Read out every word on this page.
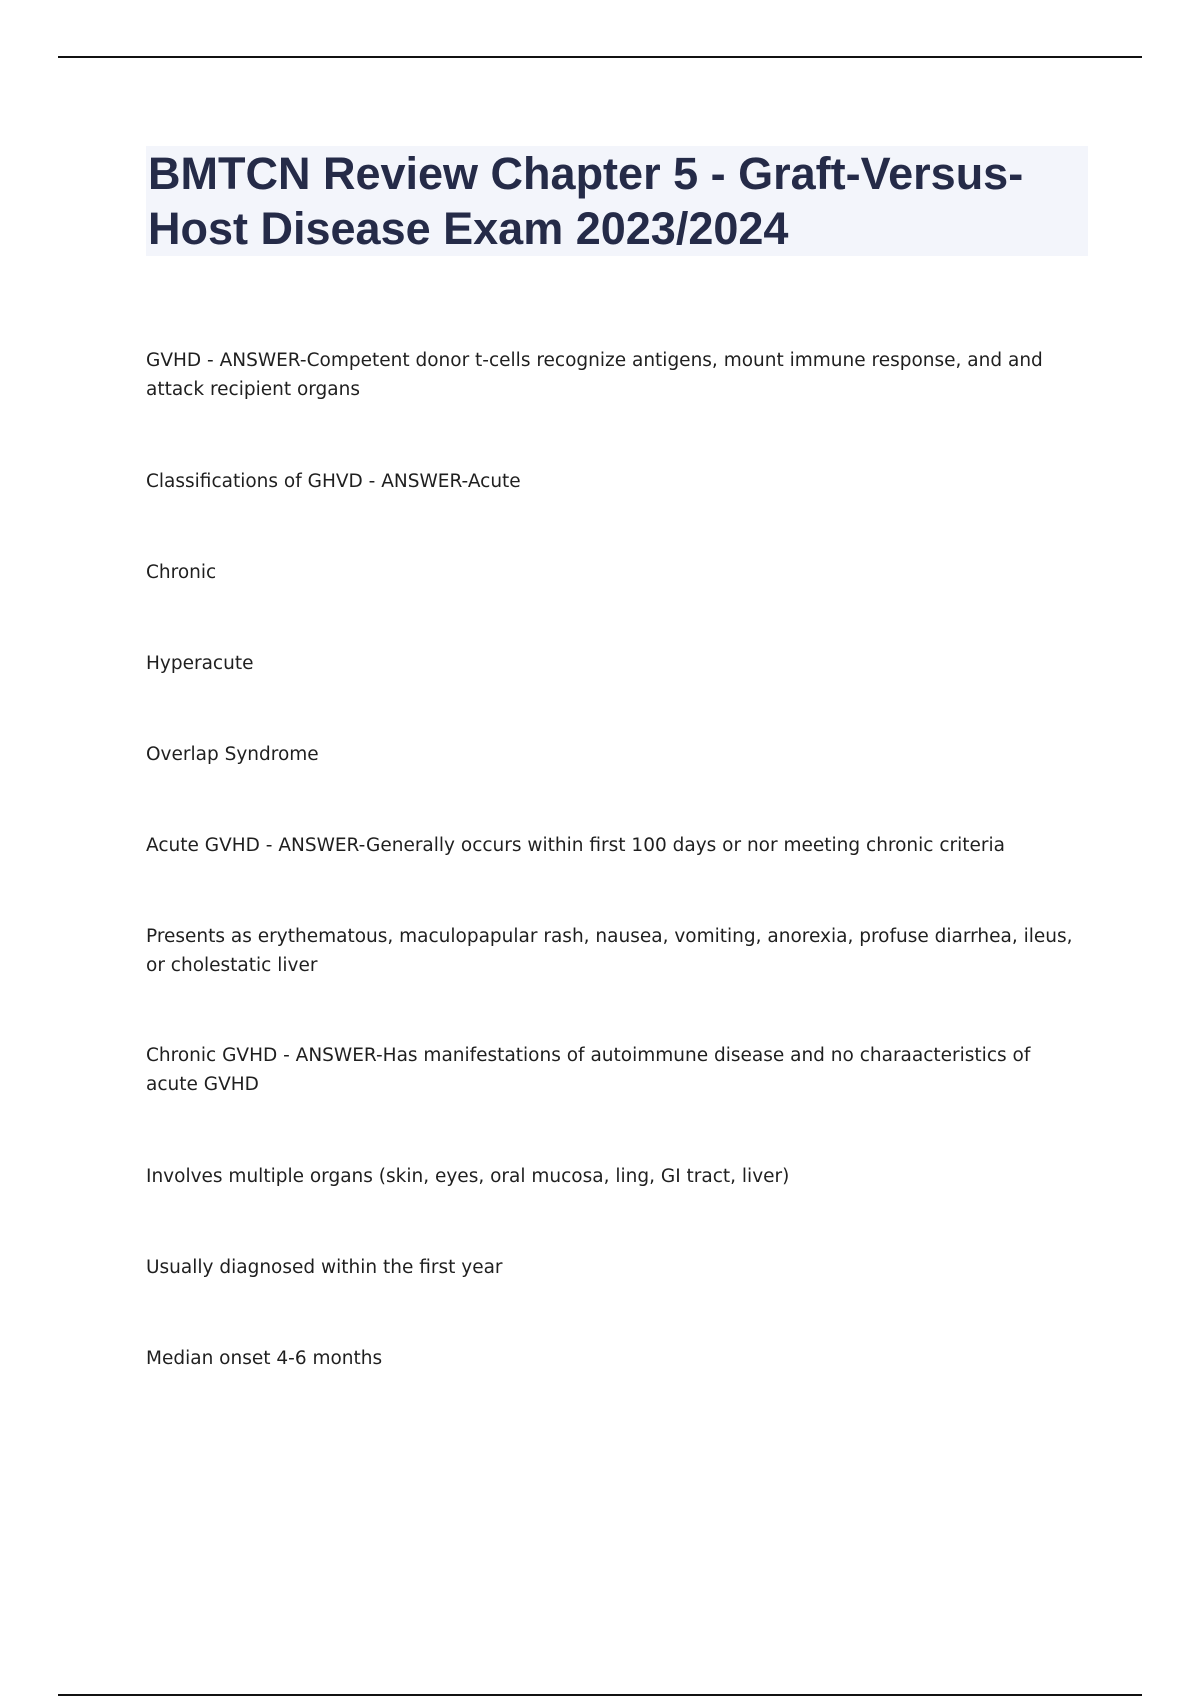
BMTCN Review Chapter 5 - Graft-Versus-Host Disease Exam 2023/2024

GVHD - ANSWER-Competent donor t-cells recognize antigens, mount immune response, and and attack recipient organs

Classifications of GHVD - ANSWER-Acute

Chronic

Hyperacute

Overlap Syndrome

Acute GVHD - ANSWER-Generally occurs within first 100 days or nor meeting chronic criteria

Presents as erythematous, maculopapular rash, nausea, vomiting, anorexia, profuse diarrhea, ileus, or cholestatic liver

Chronic GVHD - ANSWER-Has manifestations of autoimmune disease and no charaacteristics of acute GVHD

Involves multiple organs (skin, eyes, oral mucosa, ling, GI tract, liver)

Usually diagnosed within the first year

Median onset 4-6 months
